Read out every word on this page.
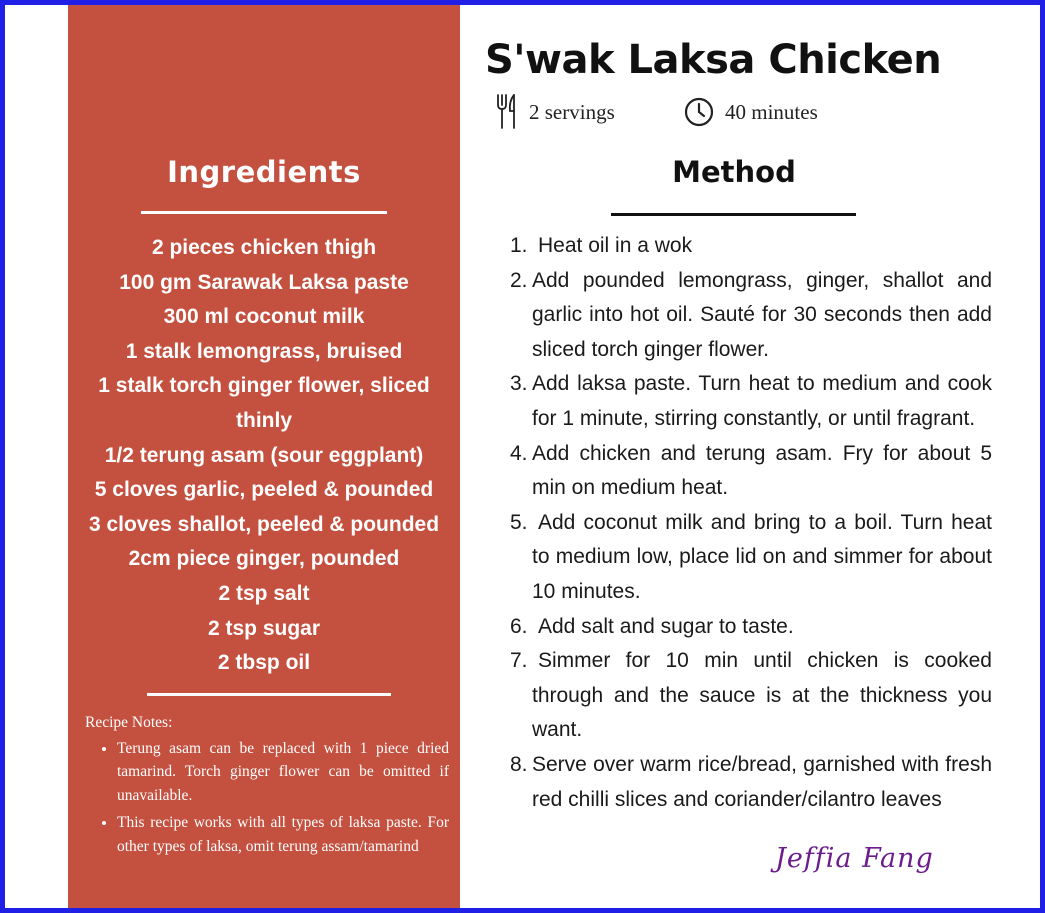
Ingredients
2 pieces chicken thigh
100 gm Sarawak Laksa paste
300 ml coconut milk
1 stalk lemongrass, bruised
1 stalk torch ginger flower, sliced thinly
1/2 terung asam (sour eggplant)
5 cloves garlic, peeled & pounded
3 cloves shallot, peeled & pounded
2cm piece ginger, pounded
2 tsp salt
2 tsp sugar
2 tbsp oil
Recipe Notes:
• Terung asam can be replaced with 1 piece dried tamarind. Torch ginger flower can be omitted if unavailable.
• This recipe works with all types of laksa paste. For other types of laksa, omit terung assam/tamarind
S'wak Laksa Chicken
2 servings	40 minutes
Method
1. Heat oil in a wok
2. Add pounded lemongrass, ginger, shallot and garlic into hot oil. Sauté for 30 seconds then add sliced torch ginger flower.
3. Add laksa paste. Turn heat to medium and cook for 1 minute, stirring constantly, or until fragrant.
4. Add chicken and terung asam. Fry for about 5 min on medium heat.
5. Add coconut milk and bring to a boil. Turn heat to medium low, place lid on and simmer for about 10 minutes.
6. Add salt and sugar to taste.
7. Simmer for 10 min until chicken is cooked through and the sauce is at the thickness you want.
8. Serve over warm rice/bread, garnished with fresh red chilli slices and coriander/cilantro leaves
Jeffia Fang
